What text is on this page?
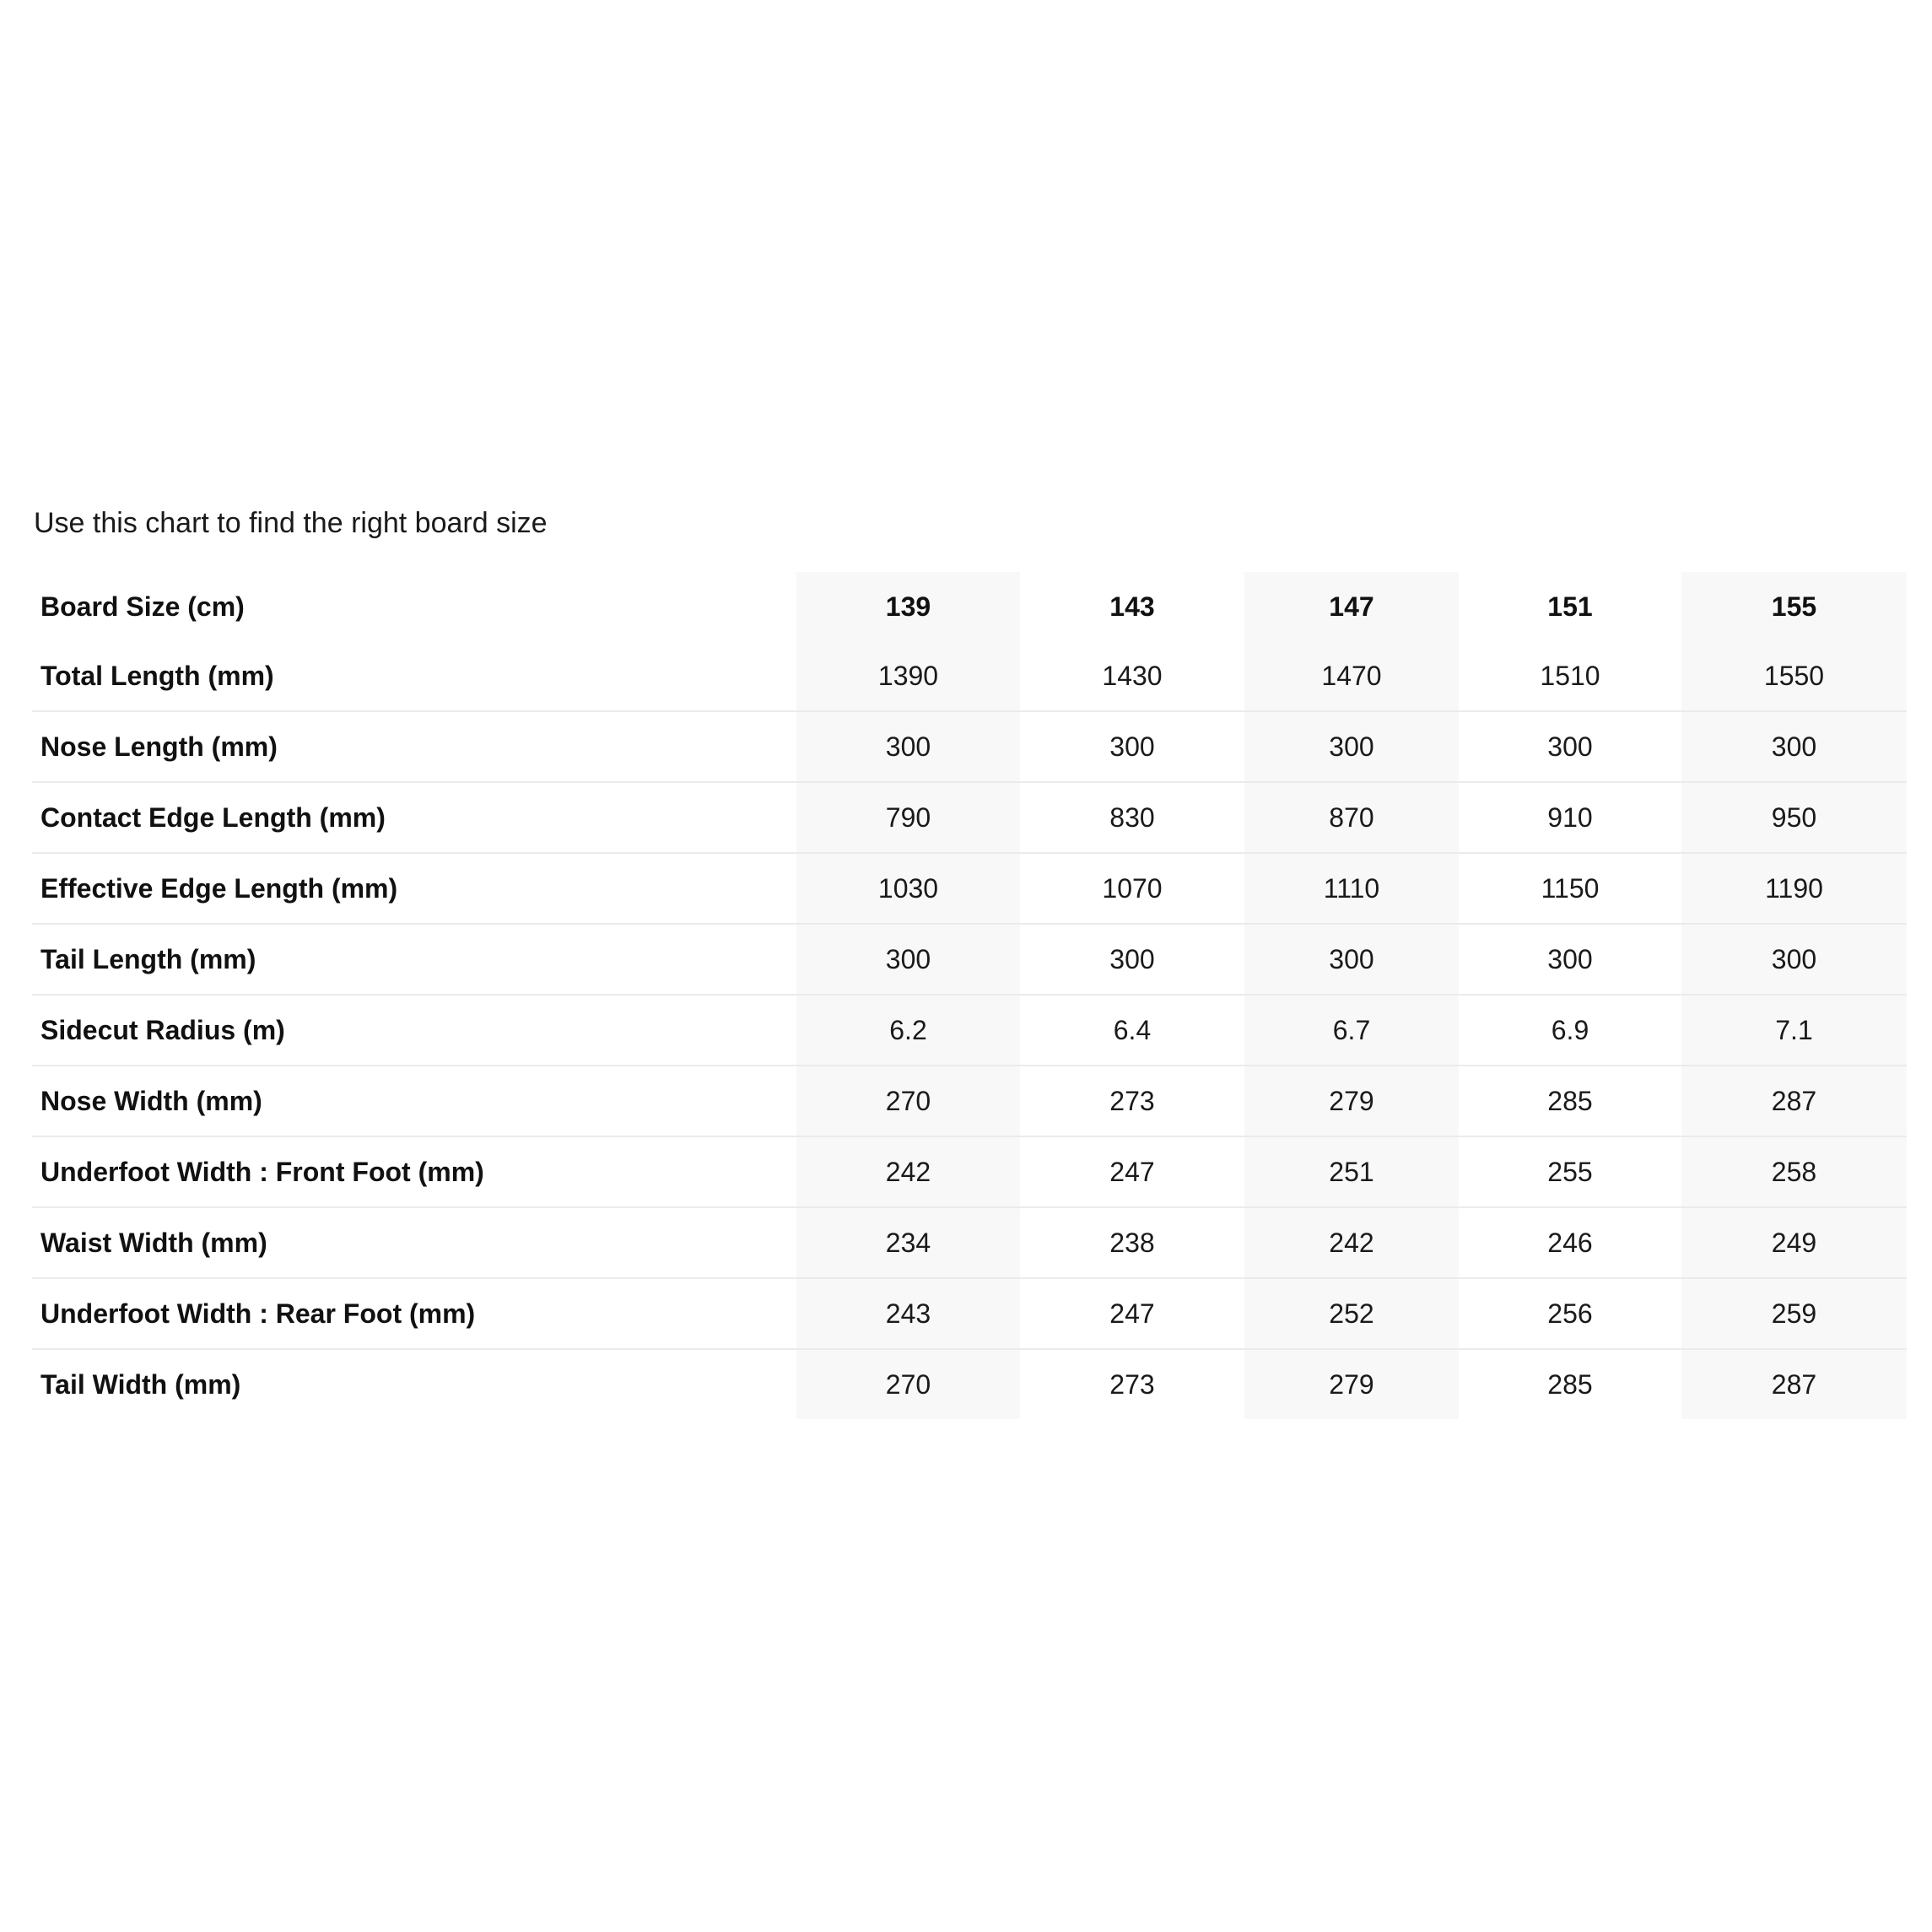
Use this chart to find the right board size

Board Size (cm)	139	143	147	151	155
Total Length (mm)	1390	1430	1470	1510	1550
Nose Length (mm)	300	300	300	300	300
Contact Edge Length (mm)	790	830	870	910	950
Effective Edge Length (mm)	1030	1070	1110	1150	1190
Tail Length (mm)	300	300	300	300	300
Sidecut Radius (m)	6.2	6.4	6.7	6.9	7.1
Nose Width (mm)	270	273	279	285	287
Underfoot Width : Front Foot (mm)	242	247	251	255	258
Waist Width (mm)	234	238	242	246	249
Underfoot Width : Rear Foot (mm)	243	247	252	256	259
Tail Width (mm)	270	273	279	285	287
